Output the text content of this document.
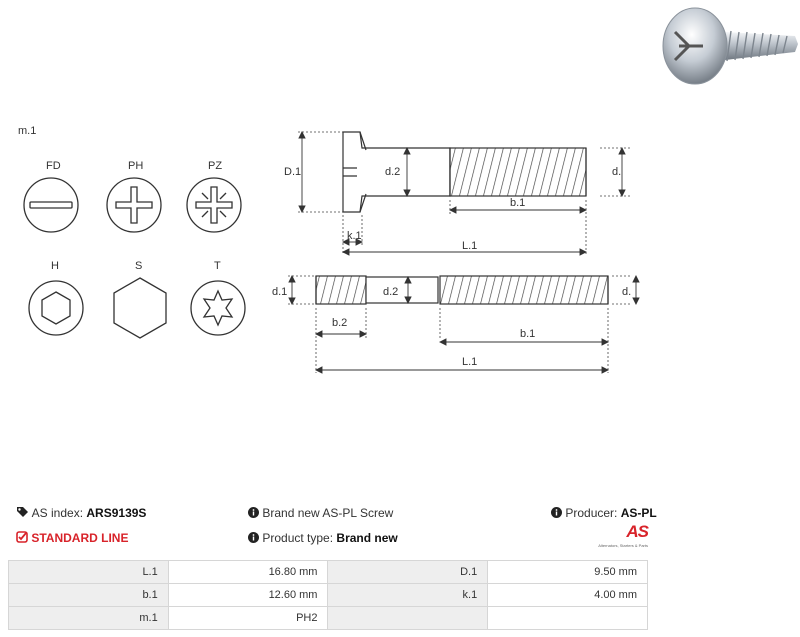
m.1
FD	PH	PZ
H	S	T
D.1	d.2	d.
b.1
k.1
L.1
d.1	d.2	d.
b.2
b.1
L.1
AS index: ARS9139S
STANDARD LINE
Brand new AS-PL Screw
Product type: Brand new
Producer: AS-PL
AS
Alternators, Starters & Parts
L.1	16.80 mm	D.1	9.50 mm
b.1	12.60 mm	k.1	4.00 mm
m.1	PH2		
